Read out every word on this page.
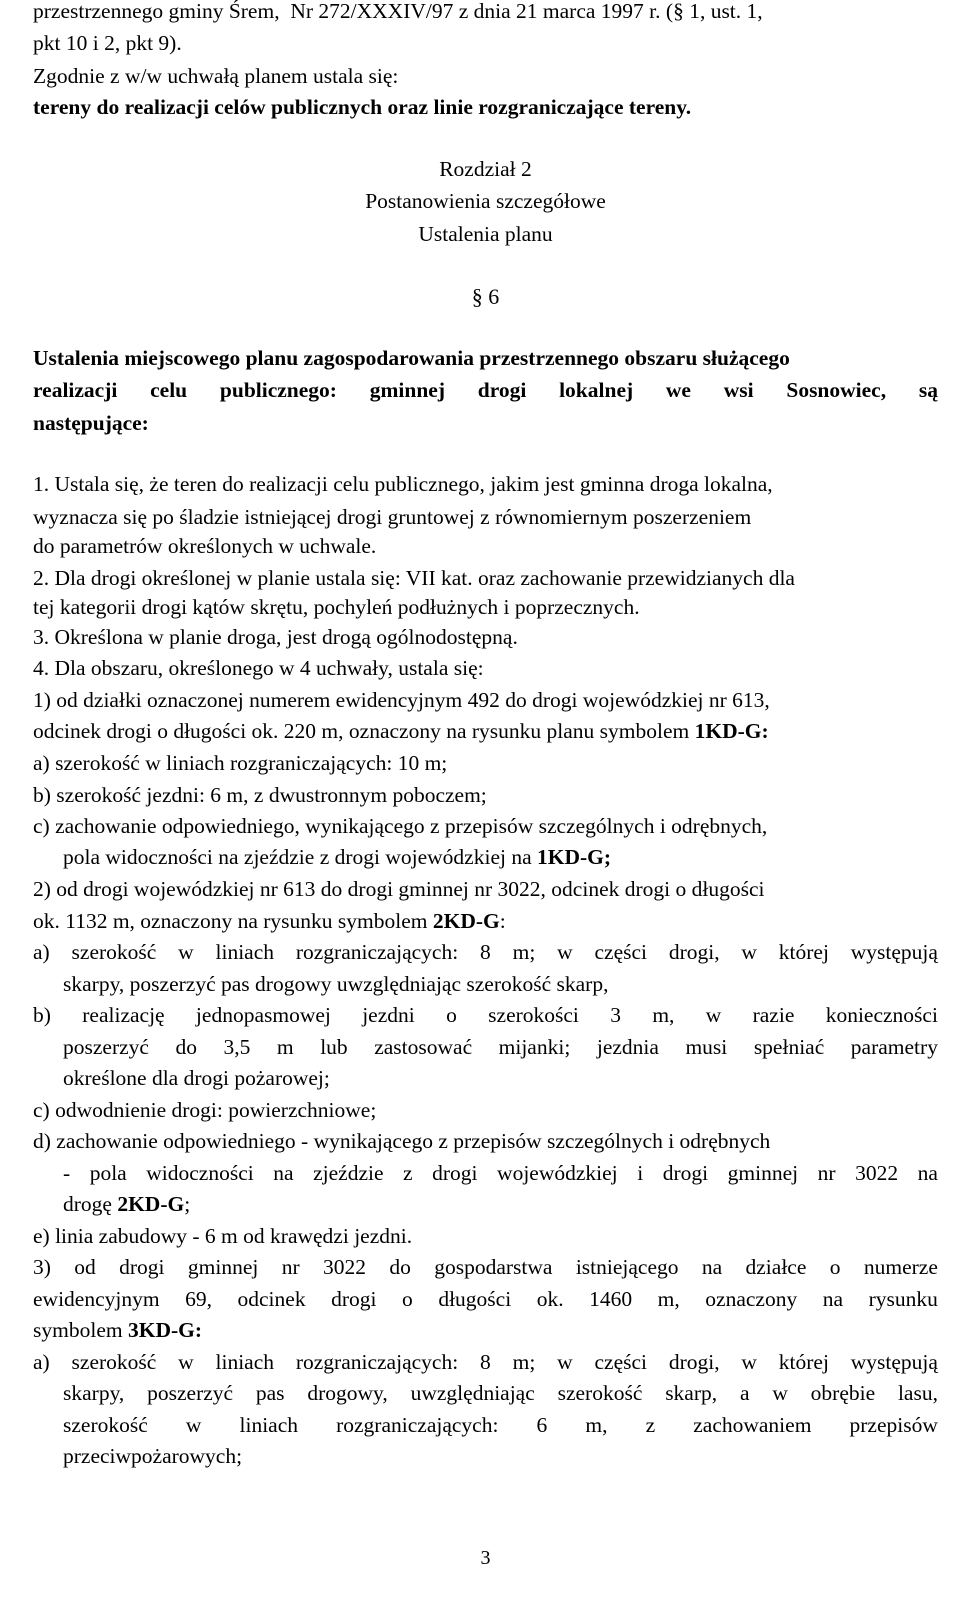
przestrzennego gminy Śrem, Nr 272/XXXIV/97 z dnia 21 marca 1997 r. (§ 1, ust. 1,
pkt 10 i 2, pkt 9).
Zgodnie z w/w uchwałą planem ustala się:
tereny do realizacji celów publicznych oraz linie rozgraniczające tereny.
Rozdział 2
Postanowienia szczegółowe
Ustalenia planu
§ 6
Ustalenia miejscowego planu zagospodarowania przestrzennego obszaru służącego
realizacji celu publicznego: gminnej drogi lokalnej we wsi Sosnowiec, są
następujące:
1. Ustala się, że teren do realizacji celu publicznego, jakim jest gminna droga lokalna,
wyznacza się po śladzie istniejącej drogi gruntowej z równomiernym poszerzeniem
do parametrów określonych w uchwale.
2. Dla drogi określonej w planie ustala się: VII kat. oraz zachowanie przewidzianych dla
tej kategorii drogi kątów skrętu, pochyleń podłużnych i poprzecznych.
3. Określona w planie droga, jest drogą ogólnodostępną.
4. Dla obszaru, określonego w 4 uchwały, ustala się:
1) od działki oznaczonej numerem ewidencyjnym 492 do drogi wojewódzkiej nr 613,
odcinek drogi o długości ok. 220 m, oznaczony na rysunku planu symbolem 1KD-G:
a) szerokość w liniach rozgraniczających: 10 m;
b) szerokość jezdni: 6 m, z dwustronnym poboczem;
c) zachowanie odpowiedniego, wynikającego z przepisów szczególnych i odrębnych,
pola widoczności na zjeździe z drogi wojewódzkiej na 1KD-G;
2) od drogi wojewódzkiej nr 613 do drogi gminnej nr 3022, odcinek drogi o długości
ok. 1132 m, oznaczony na rysunku symbolem 2KD-G:
a) szerokość w liniach rozgraniczających: 8 m; w części drogi, w której występują
skarpy, poszerzyć pas drogowy uwzględniając szerokość skarp,
b) realizację jednopasmowej jezdni o szerokości 3 m, w razie konieczności
poszerzyć do 3,5 m lub zastosować mijanki; jezdnia musi spełniać parametry
określone dla drogi pożarowej;
c) odwodnienie drogi: powierzchniowe;
d) zachowanie odpowiedniego - wynikającego z przepisów szczególnych i odrębnych
- pola widoczności na zjeździe z drogi wojewódzkiej i drogi gminnej nr 3022 na
drogę 2KD-G;
e) linia zabudowy - 6 m od krawędzi jezdni.
3) od drogi gminnej nr 3022 do gospodarstwa istniejącego na działce o numerze
ewidencyjnym 69, odcinek drogi o długości ok. 1460 m, oznaczony na rysunku
symbolem 3KD-G:
a) szerokość w liniach rozgraniczających: 8 m; w części drogi, w której występują
skarpy, poszerzyć pas drogowy, uwzględniając szerokość skarp, a w obrębie lasu,
szerokość w liniach rozgraniczających: 6 m, z zachowaniem przepisów
przeciwpożarowych;
3
